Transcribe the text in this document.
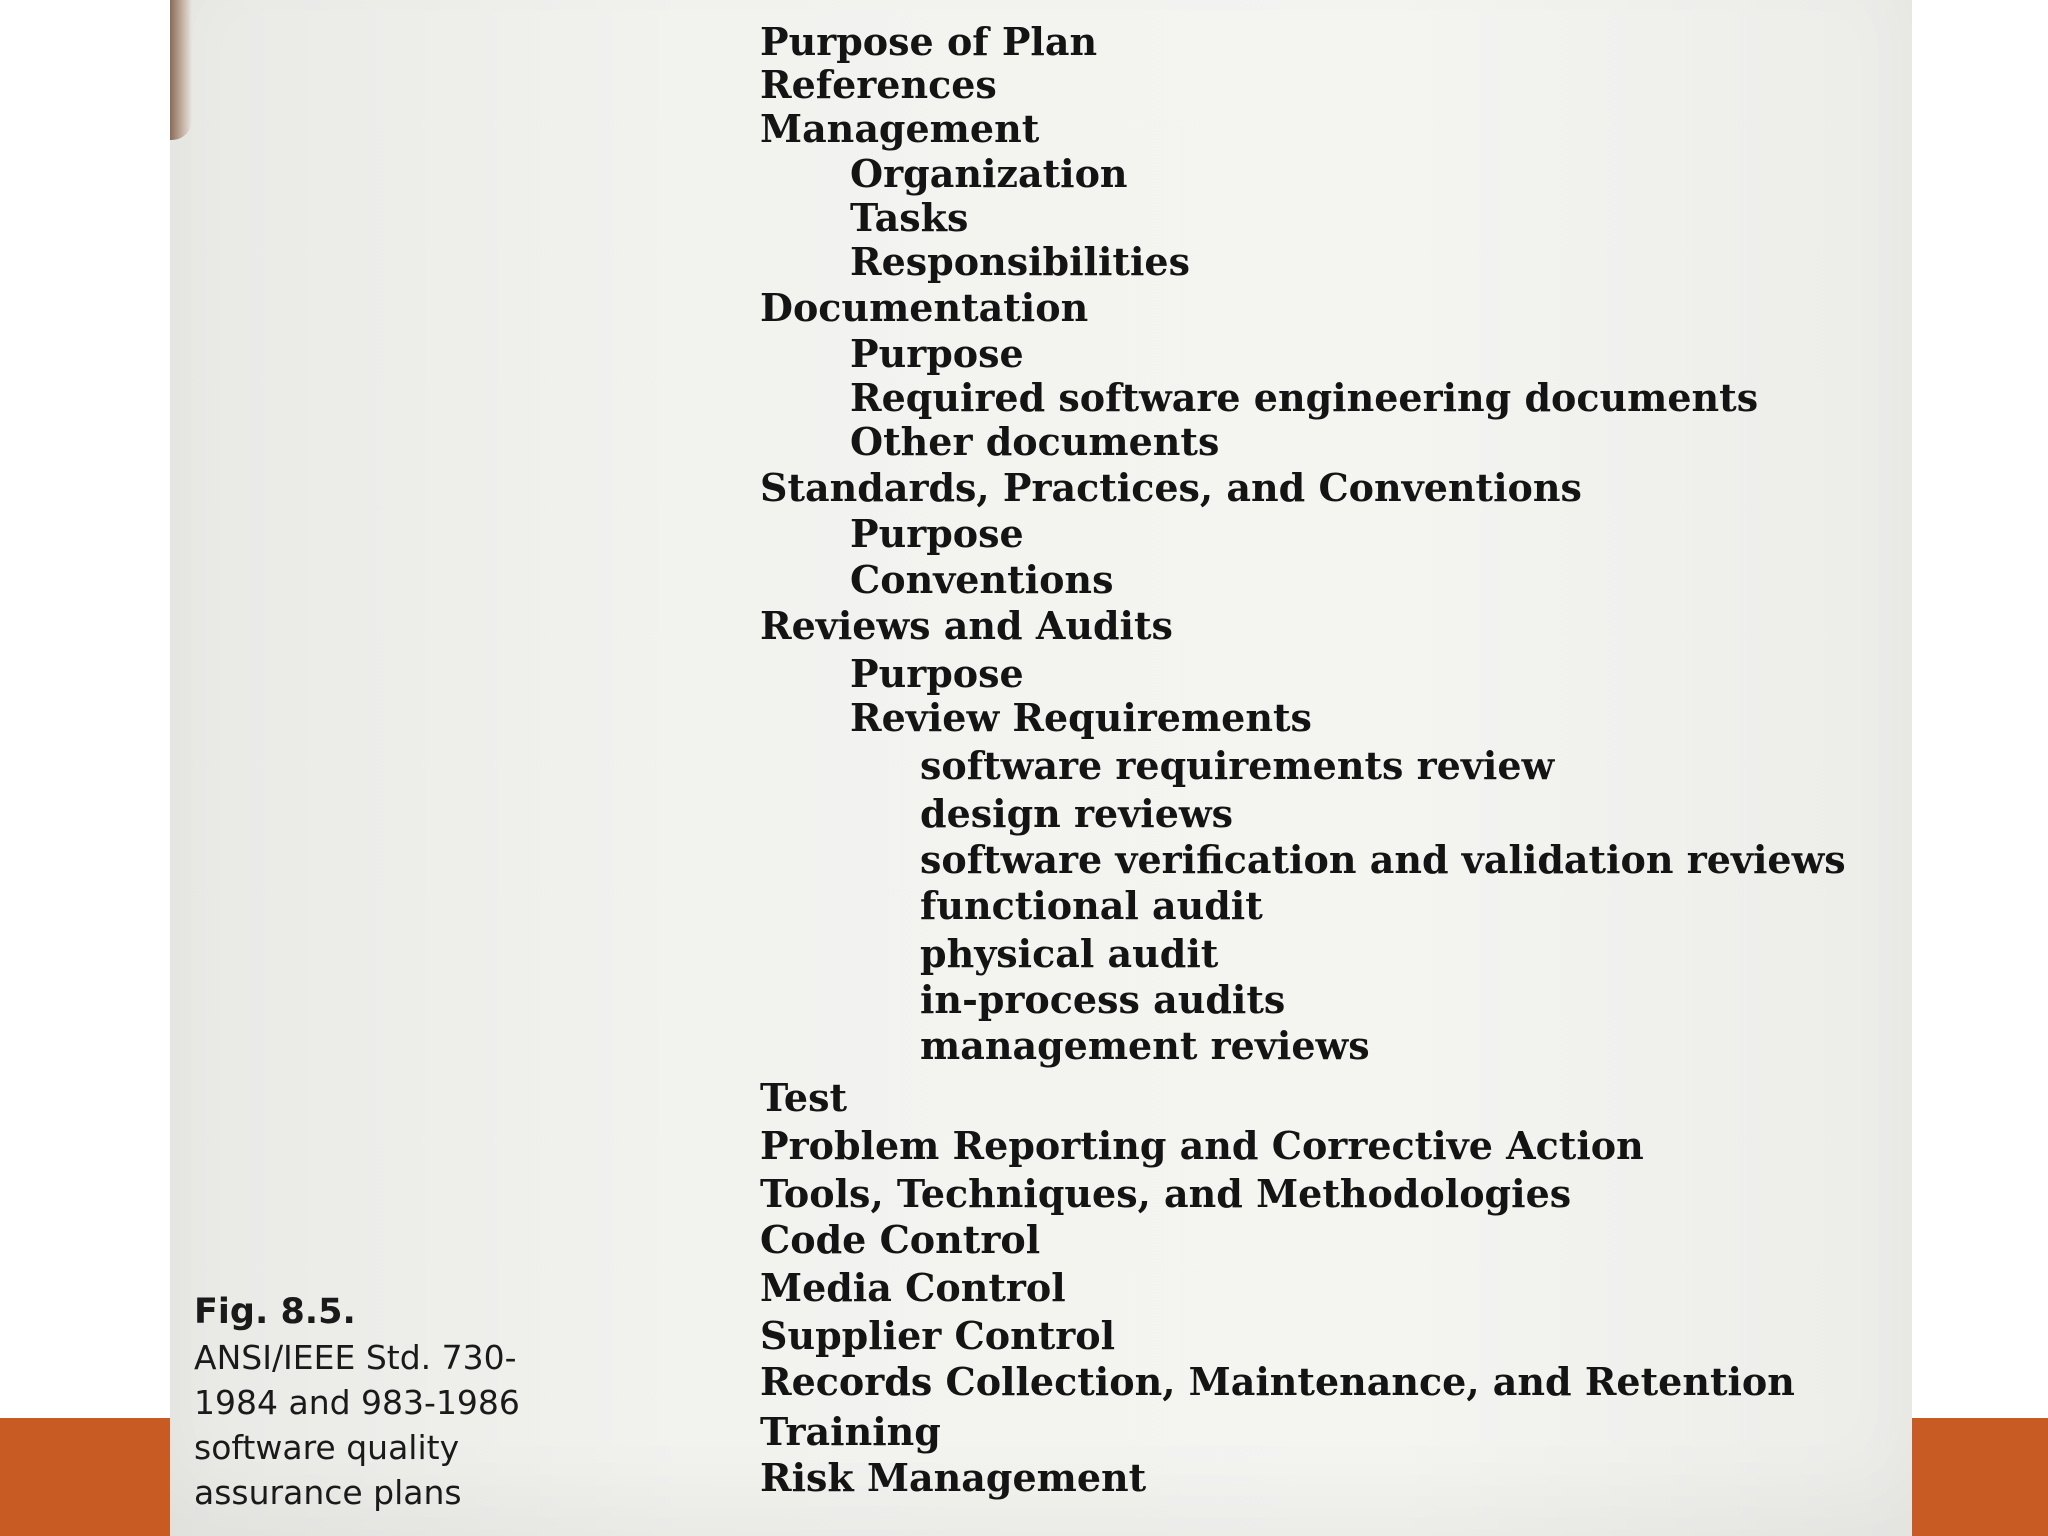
Purpose of Plan
References
Management
Organization
Tasks
Responsibilities
Documentation
Purpose
Required software engineering documents
Other documents
Standards, Practices, and Conventions
Purpose
Conventions
Reviews and Audits
Purpose
Review Requirements
software requirements review
design reviews
software verification and validation reviews
functional audit
physical audit
in-process audits
management reviews
Test
Problem Reporting and Corrective Action
Tools, Techniques, and Methodologies
Code Control
Media Control
Supplier Control
Records Collection, Maintenance, and Retention
Training
Risk Management
Fig. 8.5.
ANSI/IEEE Std. 730-1984 and 983-1986 software quality assurance plans
